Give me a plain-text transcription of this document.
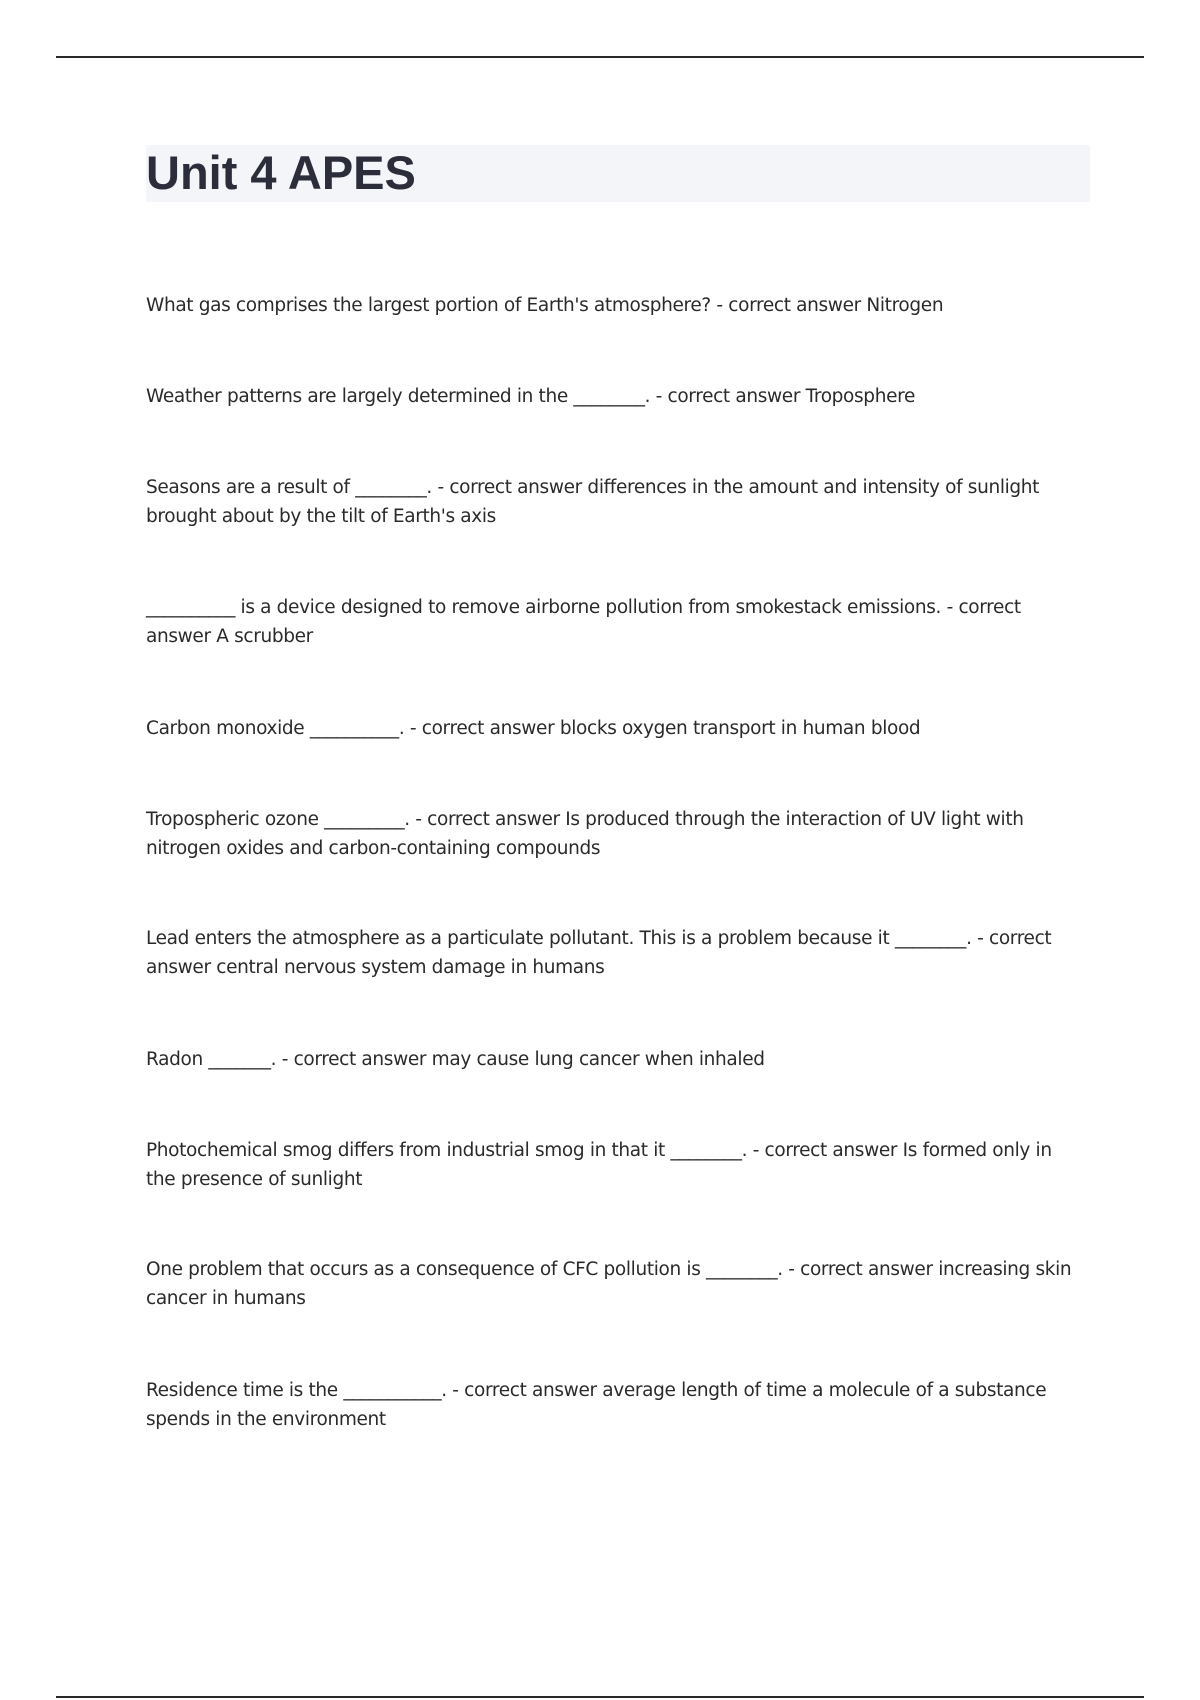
Unit 4 APES
What gas comprises the largest portion of Earth's atmosphere? - correct answer Nitrogen
Weather patterns are largely determined in the ________. - correct answer Troposphere
Seasons are a result of ________. - correct answer differences in the amount and intensity of sunlight brought about by the tilt of Earth's axis
__________ is a device designed to remove airborne pollution from smokestack emissions. - correct answer A scrubber
Carbon monoxide __________. - correct answer blocks oxygen transport in human blood
Tropospheric ozone _________. - correct answer Is produced through the interaction of UV light with nitrogen oxides and carbon-containing compounds
Lead enters the atmosphere as a particulate pollutant. This is a problem because it ________. - correct answer central nervous system damage in humans
Radon _______. - correct answer may cause lung cancer when inhaled
Photochemical smog differs from industrial smog in that it ________. - correct answer Is formed only in the presence of sunlight
One problem that occurs as a consequence of CFC pollution is ________. - correct answer increasing skin cancer in humans
Residence time is the ___________. - correct answer average length of time a molecule of a substance spends in the environment
